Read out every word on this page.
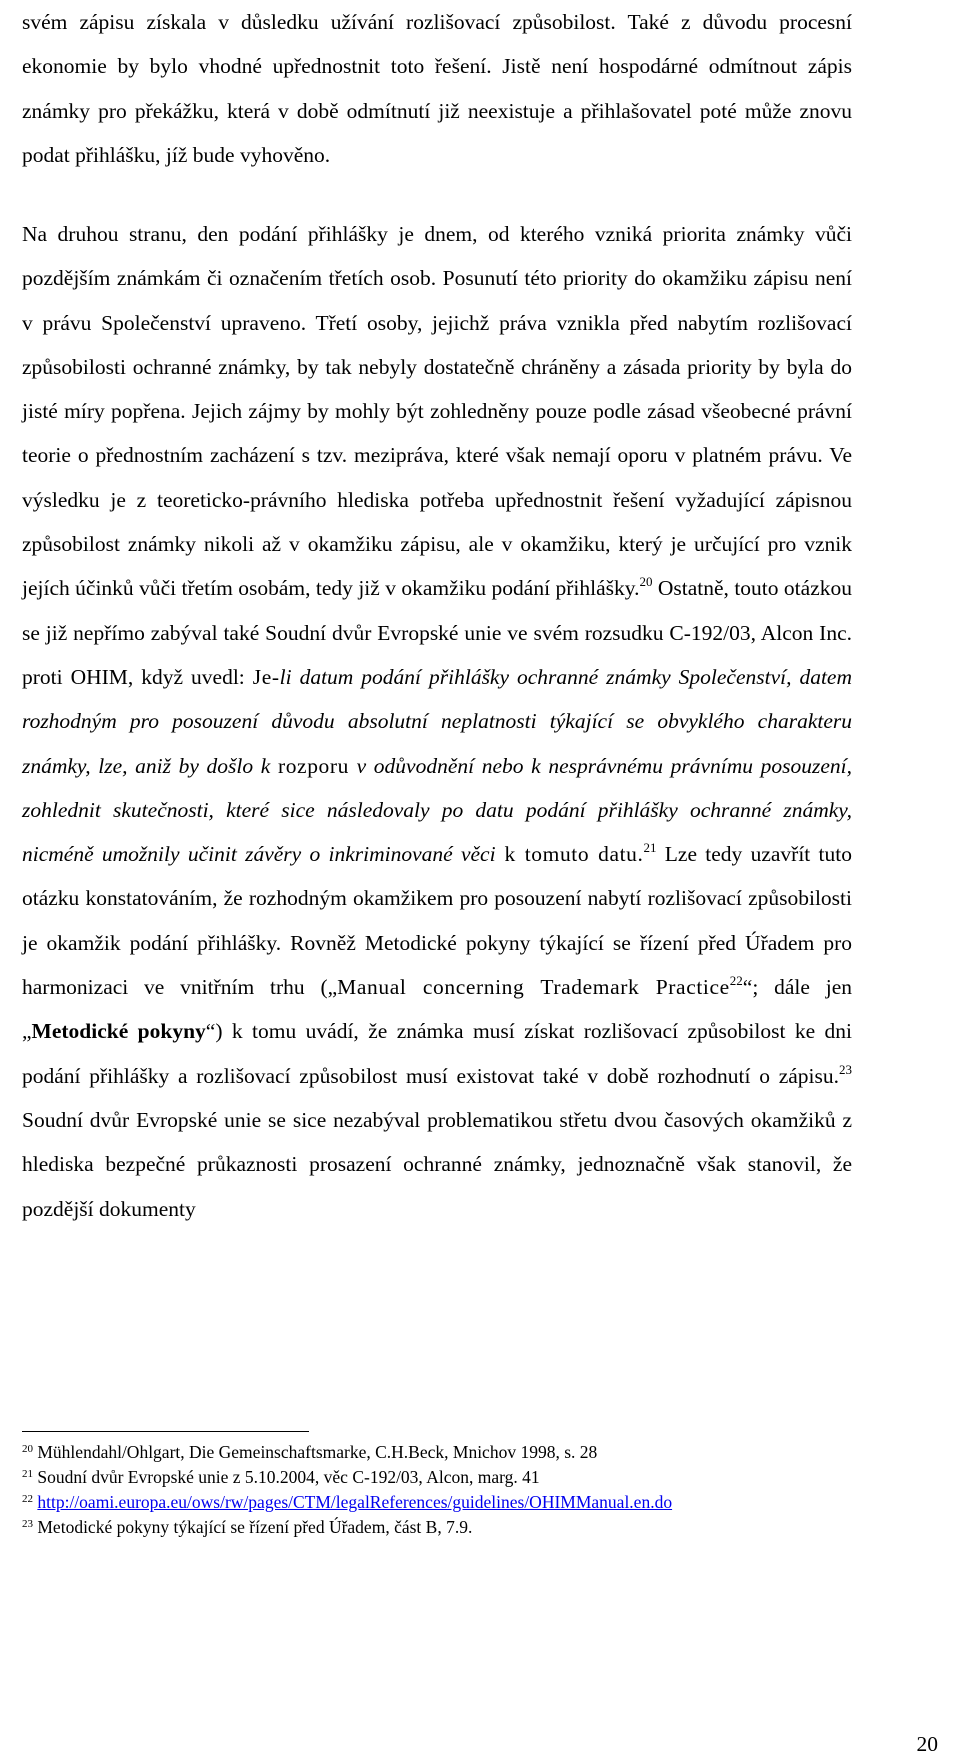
svém zápisu získala v důsledku užívání rozlišovací způsobilost. Také z důvodu procesní ekonomie by bylo vhodné upřednostnit toto řešení. Jistě není hospodárné odmítnout zápis známky pro překážku, která v době odmítnutí již neexistuje a přihlašovatel poté může znovu podat přihlášku, jíž bude vyhověno.

Na druhou stranu, den podání přihlášky je dnem, od kterého vzniká priorita známky vůči pozdějším známkám či označením třetích osob. Posunutí této priority do okamžiku zápisu není v právu Společenství upraveno. Třetí osoby, jejichž práva vznikla před nabytím rozlišovací způsobilosti ochranné známky, by tak nebyly dostatečně chráněny a zásada priority by byla do jisté míry popřena. Jejich zájmy by mohly být zohledněny pouze podle zásad všeobecné právní teorie o přednostním zacházení s tzv. mezipráva, které však nemají oporu v platném právu. Ve výsledku je z teoreticko-právního hlediska potřeba upřednostnit řešení vyžadující zápisnou způsobilost známky nikoli až v okamžiku zápisu, ale v okamžiku, který je určující pro vznik jejích účinků vůči třetím osobám, tedy již v okamžiku podání přihlášky.$^{20}$ Ostatně, touto otázkou se již nepřímo zabýval také Soudní dvůr Evropské unie ve svém rozsudku C-192/03, Alcon Inc. proti OHIM, když uvedl: Je-li datum podání přihlášky ochranné známky Společenství, datem rozhodným pro posouzení důvodu absolutní neplatnosti týkající se obvyklého charakteru známky, lze, aniž by došlo k rozporu v odůvodnění nebo k nesprávnému právnímu posouzení, zohlednit skutečnosti, které sice následovaly po datu podání přihlášky ochranné známky, nicméně umožnily učinit závěry o inkriminované věci k tomuto datu.$^{21}$ Lze tedy uzavřít tuto otázku konstatováním, že rozhodným okamžikem pro posouzení nabytí rozlišovací způsobilosti je okamžik podání přihlášky. Rovněž Metodické pokyny týkající se řízení před Úřadem pro harmonizaci ve vnitřním trhu („Manual concerning Trademark Practice$^{22}$“; dále jen „Metodické pokyny“) k tomu uvádí, že známka musí získat rozlišovací způsobilost ke dni podání přihlášky a rozlišovací způsobilost musí existovat také v době rozhodnutí o zápisu.$^{23}$ Soudní dvůr Evropské unie se sice nezabýval problematikou střetu dvou časových okamžiků z hlediska bezpečné průkaznosti prosazení ochranné známky, jednoznačně však stanovil, že pozdější dokumenty

$^{20}$ Mühlendahl/Ohlgart, Die Gemeinschaftsmarke, C.H.Beck, Mnichov 1998, s. 28

$^{21}$ Soudní dvůr Evropské unie z 5.10.2004, věc C-192/03, Alcon, marg. 41

$^{22}$ http://oami.europa.eu/ows/rw/pages/CTM/legalReferences/guidelines/OHIMManual.en.do

$^{23}$ Metodické pokyny týkající se řízení před Úřadem, část B, 7.9.

20
